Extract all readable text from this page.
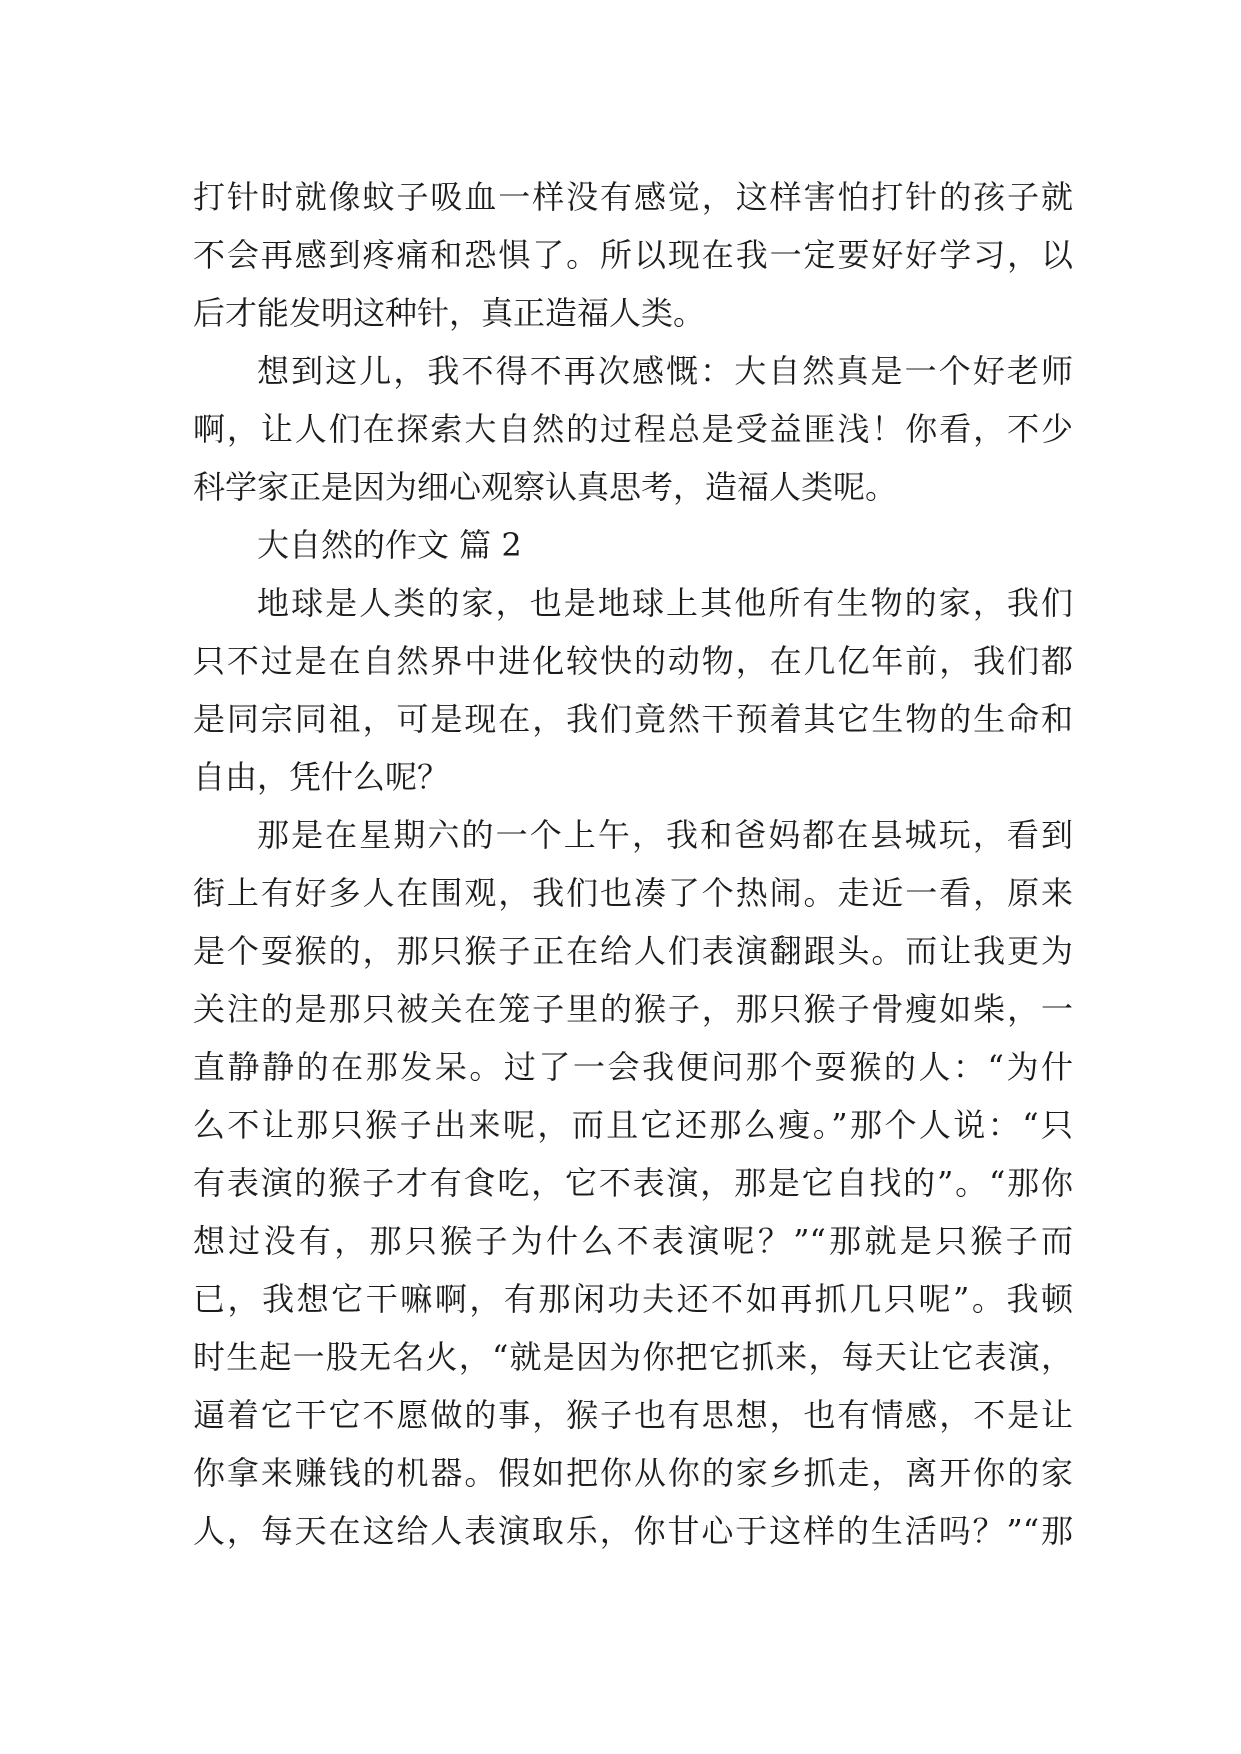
打针时就像蚊子吸血一样没有感觉，这样害怕打针的孩子就
不会再感到疼痛和恐惧了。所以现在我一定要好好学习，以
后才能发明这种针，真正造福人类。
想到这儿，我不得不再次感慨：大自然真是一个好老师
啊，让人们在探索大自然的过程总是受益匪浅！你看，不少
科学家正是因为细心观察认真思考，造福人类呢。
大自然的作文 篇 2
地球是人类的家，也是地球上其他所有生物的家，我们
只不过是在自然界中进化较快的动物，在几亿年前，我们都
是同宗同祖，可是现在，我们竟然干预着其它生物的生命和
自由，凭什么呢？
那是在星期六的一个上午，我和爸妈都在县城玩，看到
街上有好多人在围观，我们也凑了个热闹。走近一看，原来
是个耍猴的，那只猴子正在给人们表演翻跟头。而让我更为
关注的是那只被关在笼子里的猴子，那只猴子骨瘦如柴，一
直静静的在那发呆。过了一会我便问那个耍猴的人：“为什
么不让那只猴子出来呢，而且它还那么瘦。”那个人说：“只
有表演的猴子才有食吃，它不表演，那是它自找的”。“那你
想过没有，那只猴子为什么不表演呢？”“那就是只猴子而
已，我想它干嘛啊，有那闲功夫还不如再抓几只呢”。我顿
时生起一股无名火，“就是因为你把它抓来，每天让它表演，
逼着它干它不愿做的事，猴子也有思想，也有情感，不是让
你拿来赚钱的机器。假如把你从你的家乡抓走，离开你的家
人，每天在这给人表演取乐，你甘心于这样的生活吗？”“那
